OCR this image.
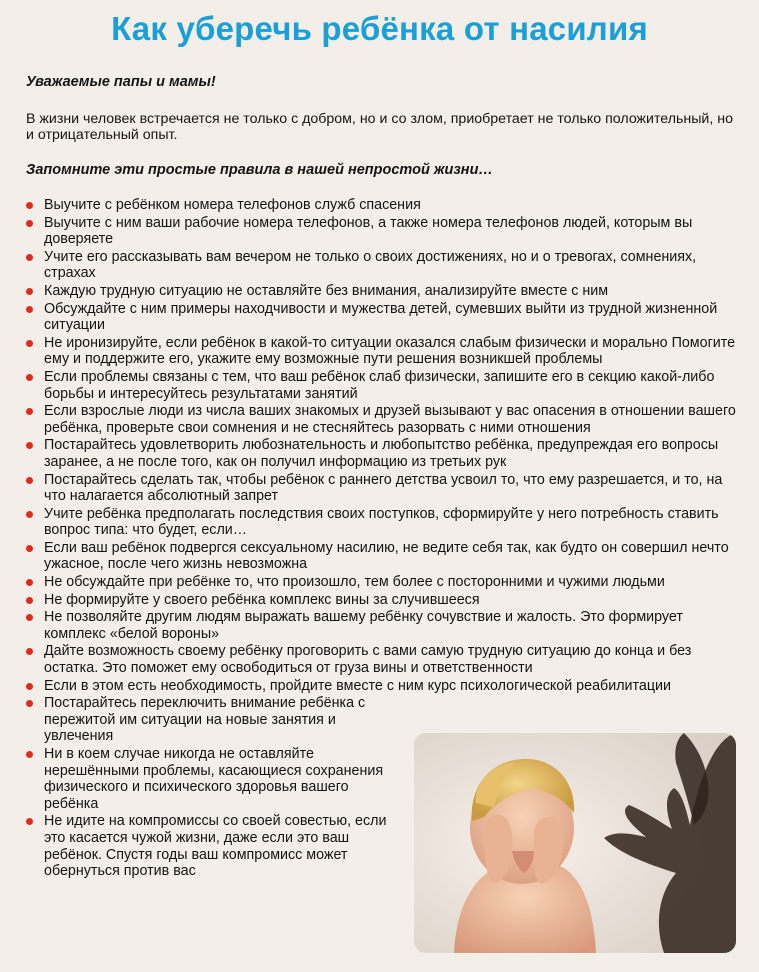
Как уберечь ребёнка от насилия
Уважаемые папы и мамы!
В жизни человек встречается не только с добром, но и со злом, приобретает не только положительный, но и отрицательный опыт.
Запомните эти простые правила в нашей непростой жизни…
Выучите с ребёнком номера телефонов служб спасения
Выучите с ним ваши рабочие номера телефонов, а также номера телефонов людей, которым вы доверяете
Учите его рассказывать вам вечером не только о своих достижениях, но и о тревогах, сомнениях, страхах
Каждую трудную ситуацию не оставляйте без внимания, анализируйте вместе с ним
Обсуждайте с ним примеры находчивости и мужества детей, сумевших выйти из трудной жизненной ситуации
Не иронизируйте, если ребёнок в какой-то ситуации оказался слабым физически и морально Помогите ему и поддержите его, укажите ему возможные пути решения возникшей проблемы
Если проблемы связаны с тем, что ваш ребёнок слаб физически, запишите его в секцию какой-либо борьбы и интересуйтесь результатами занятий
Если взрослые люди из числа ваших знакомых и друзей вызывают у вас опасения в отношении вашего ребёнка, проверьте свои сомнения и не стесняйтесь разорвать с ними отношения
Постарайтесь удовлетворить любознательность и любопытство ребёнка, предупреждая его вопросы заранее, а не после того, как он получил информацию из третьих рук
Постарайтесь сделать так, чтобы ребёнок с раннего детства усвоил то, что ему разрешается, и то, на что налагается абсолютный запрет
Учите ребёнка предполагать последствия своих поступков, сформируйте у него потребность ставить вопрос типа: что будет, если…
Если ваш ребёнок подвергся сексуальному насилию, не ведите себя так, как будто он совершил нечто ужасное, после чего жизнь невозможна
Не обсуждайте при ребёнке то, что произошло, тем более с посторонними и чужими людьми
Не формируйте у своего ребёнка комплекс вины за случившееся
Не позволяйте другим людям выражать вашему ребёнку сочувствие и жалость. Это формирует комплекс «белой вороны»
Дайте возможность своему ребёнку проговорить с вами самую трудную ситуацию до конца и без остатка. Это поможет ему освободиться от груза вины и ответственности
Если в этом есть необходимость, пройдите вместе с ним курс психологической реабилитации
Постарайтесь переключить внимание ребёнка с пережитой им ситуации на новые занятия и увлечения
Ни в коем случае никогда не оставляйте нерешёнными проблемы, касающиеся сохранения физического и психического здоровья вашего ребёнка
Не идите на компромиссы со своей совестью, если это касается чужой жизни, даже если это ваш ребёнок. Спустя годы ваш компромисс может обернуться против вас
